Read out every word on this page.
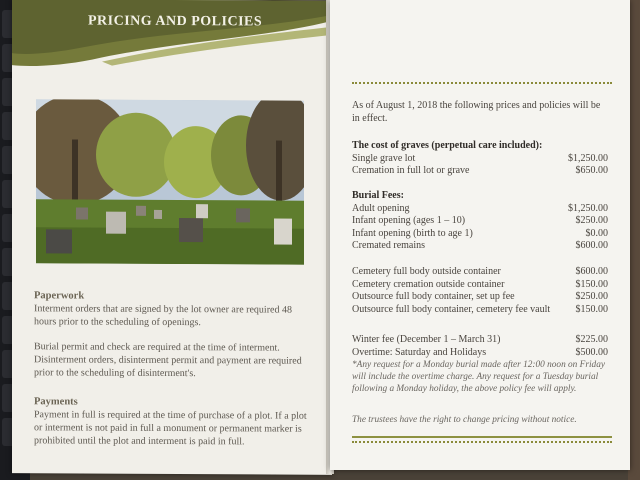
PRICING AND POLICIES
Paperwork
Interment orders that are signed by the lot owner are required 48 hours prior to the scheduling of openings.
Burial permit and check are required at the time of interment. Disinterment orders, disinterment permit and payment are required prior to the scheduling of disinterment's.
Payments
Payment in full is required at the time of purchase of a plot. If a plot or interment is not paid in full a monument or permanent marker is prohibited until the plot and interment is paid in full.
As of August 1, 2018 the following prices and policies will be in effect.
The cost of graves (perpetual care included):
Single grave lot	$1,250.00
Cremation in full lot or grave	$650.00
Burial Fees:
Adult opening	$1,250.00
Infant opening (ages 1 – 10)	$250.00
Infant opening (birth to age 1)	$0.00
Cremated remains	$600.00
Cemetery full body outside container	$600.00
Cemetery cremation outside container	$150.00
Outsource full body container, set up fee	$250.00
Outsource full body container, cemetery fee vault	$150.00
Winter fee (December 1 – March 31)	$225.00
Overtime: Saturday and Holidays	$500.00
*Any request for a Monday burial made after 12:00 noon on Friday will include the overtime charge. Any request for a Tuesday burial following a Monday holiday, the above policy fee will apply.
The trustees have the right to change pricing without notice.
